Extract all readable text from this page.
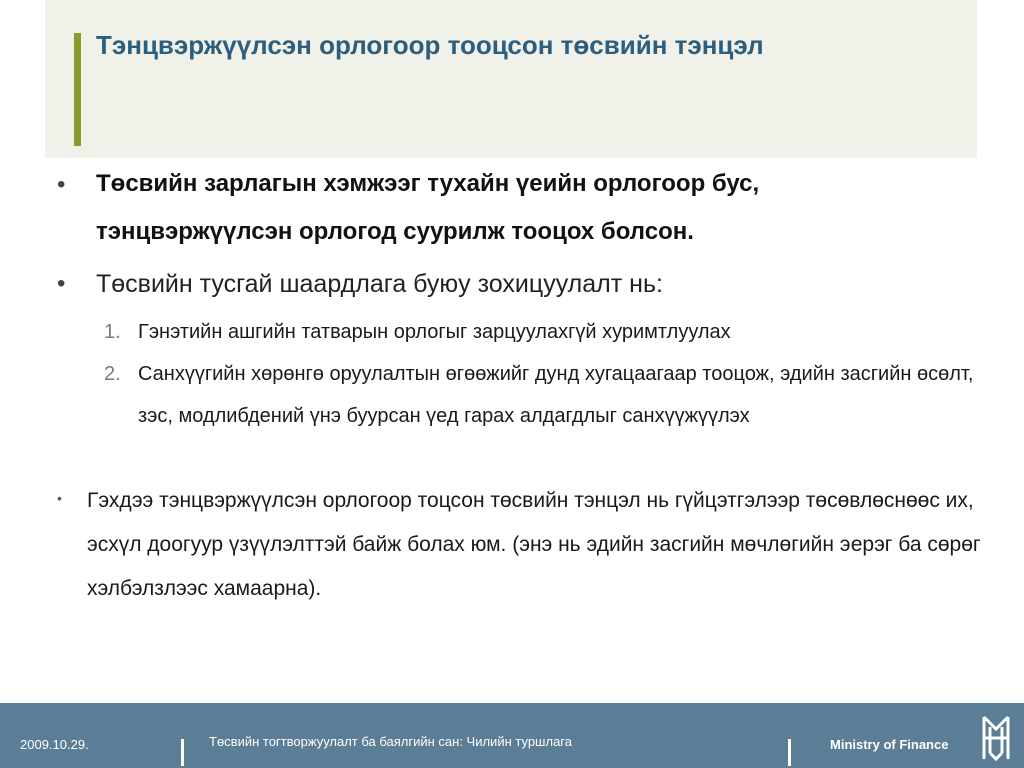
Тэнцвэржүүлсэн орлогоор тооцсон төсвийн тэнцэл
• Төсвийн зарлагын хэмжээг тухайн үеийн орлогоор бус, тэнцвэржүүлсэн орлогод суурилж тооцох болсон.

• Төсвийн тусгай шаардлага буюу зохицуулалт нь:

1. Гэнэтийн ашгийн татварын орлогыг зарцуулахгүй хуримтлуулах

2. Санхүүгийн хөрөнгө оруулалтын өгөөжийг дунд хугацаагаар тооцож, эдийн засгийн өсөлт, зэс, модлибдений үнэ буурсан үед гарах алдагдлыг санхүүжүүлэх

• Гэхдээ тэнцвэржүүлсэн орлогоор тоцсон төсвийн тэнцэл нь гүйцэтгэлээр төсөвлөснөөс их, эсхүл доогуур үзүүлэлттэй байж болах юм. (энэ нь эдийн засгийн мөчлөгийн эерэг ба сөрөг хэлбэлзлээс хамаарна).

2009.10.29.	Төсвийн тогтворжуулалт ба баялгийн сан: Чилийн туршлага	Ministry of Finance
